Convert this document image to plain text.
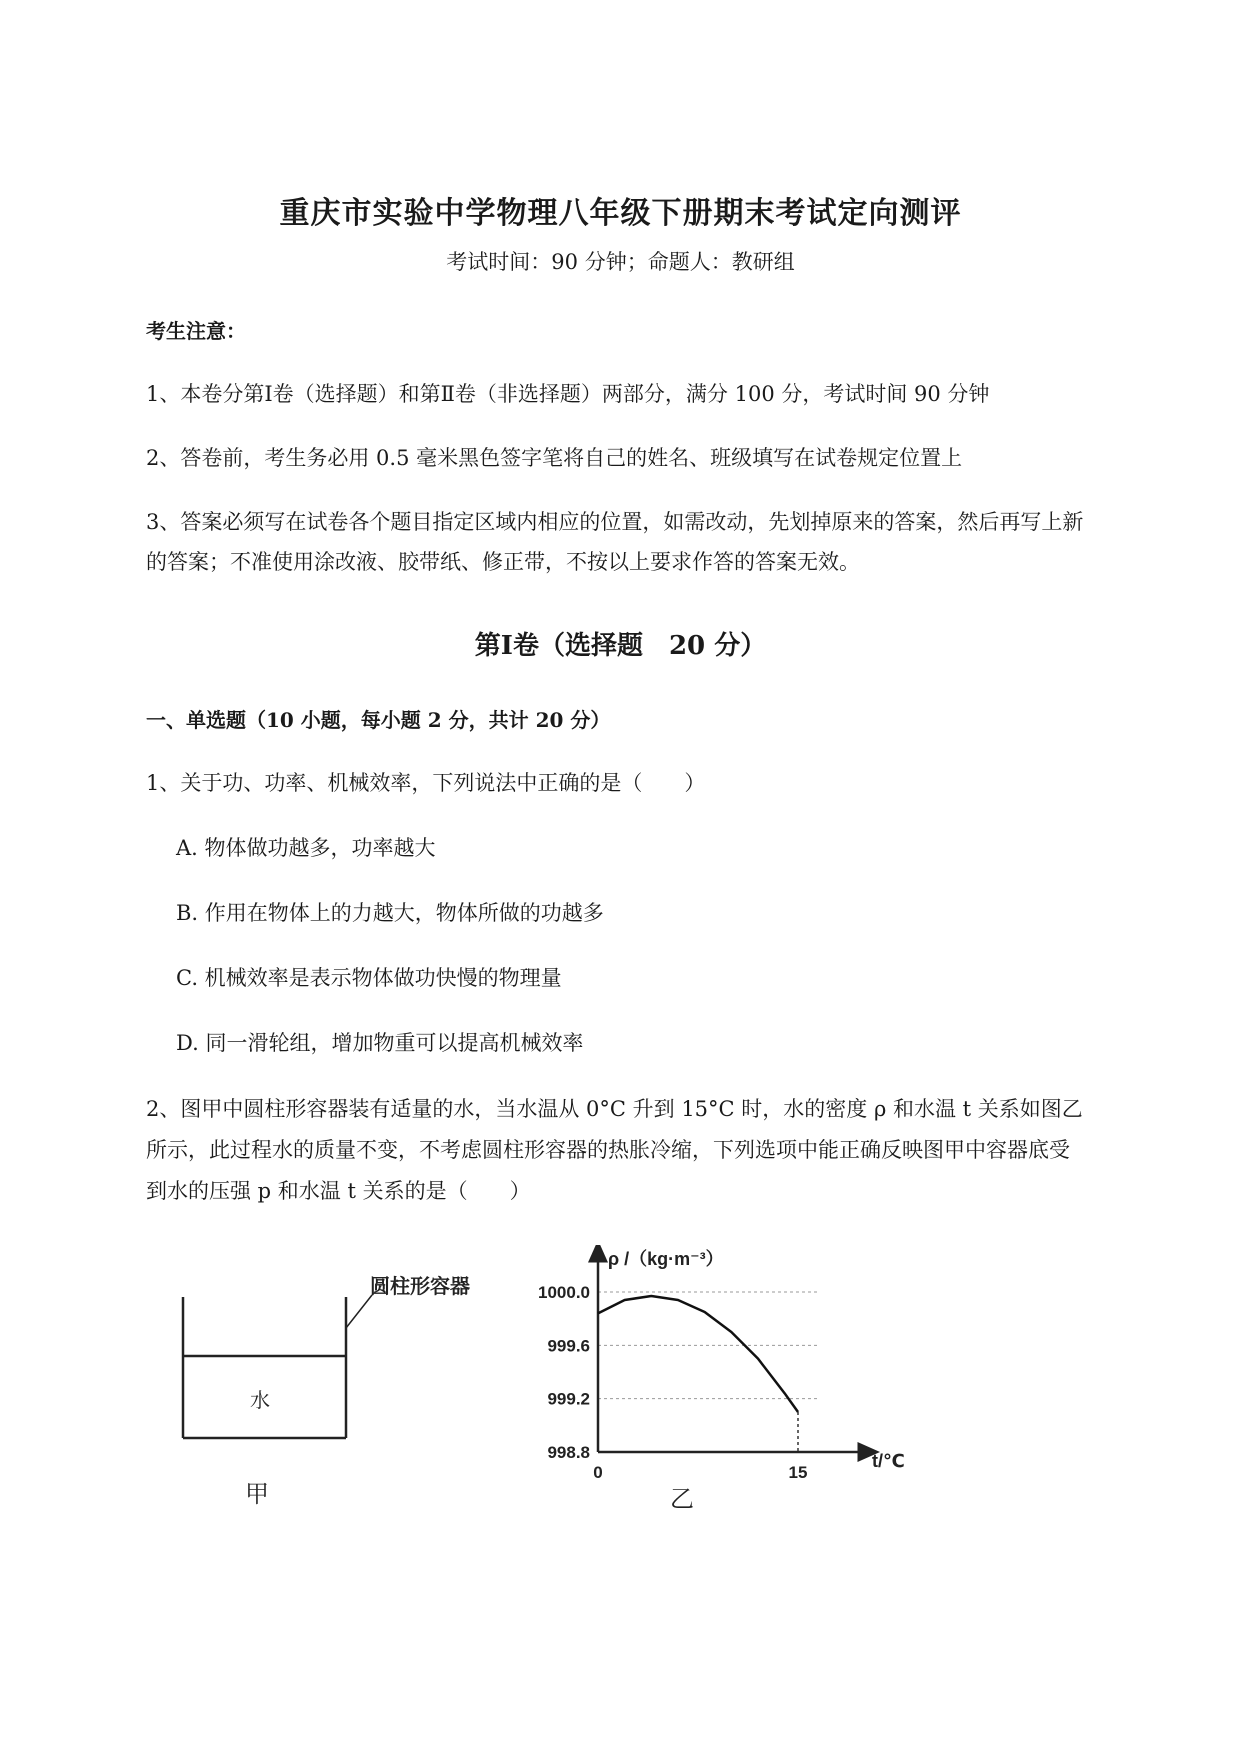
重庆市实验中学物理八年级下册期末考试定向测评
考试时间：90 分钟；命题人：教研组
考生注意：
1、本卷分第Ⅰ卷（选择题）和第Ⅱ卷（非选择题）两部分，满分 100 分，考试时间 90 分钟
2、答卷前，考生务必用 0.5 毫米黑色签字笔将自己的姓名、班级填写在试卷规定位置上
3、答案必须写在试卷各个题目指定区域内相应的位置，如需改动，先划掉原来的答案，然后再写上新
的答案；不准使用涂改液、胶带纸、修正带，不按以上要求作答的答案无效。
第Ⅰ卷（选择题　20 分）
一、单选题（10 小题，每小题 2 分，共计 20 分）
1、关于功、功率、机械效率，下列说法中正确的是（　　）
A. 物体做功越多，功率越大
B. 作用在物体上的力越大，物体所做的功越多
C. 机械效率是表示物体做功快慢的物理量
D. 同一滑轮组，增加物重可以提高机械效率
2、图甲中圆柱形容器装有适量的水，当水温从 0°C 升到 15°C 时，水的密度 ρ 和水温 t 关系如图乙
所示，此过程水的质量不变，不考虑圆柱形容器的热胀冷缩，下列选项中能正确反映图甲中容器底受
到水的压强 p 和水温 t 关系的是（　　）
圆柱形容器
水
甲
1000.0
999.6
999.2
998.8
0	15
ρ /（kg·m⁻³）
t/℃
乙
